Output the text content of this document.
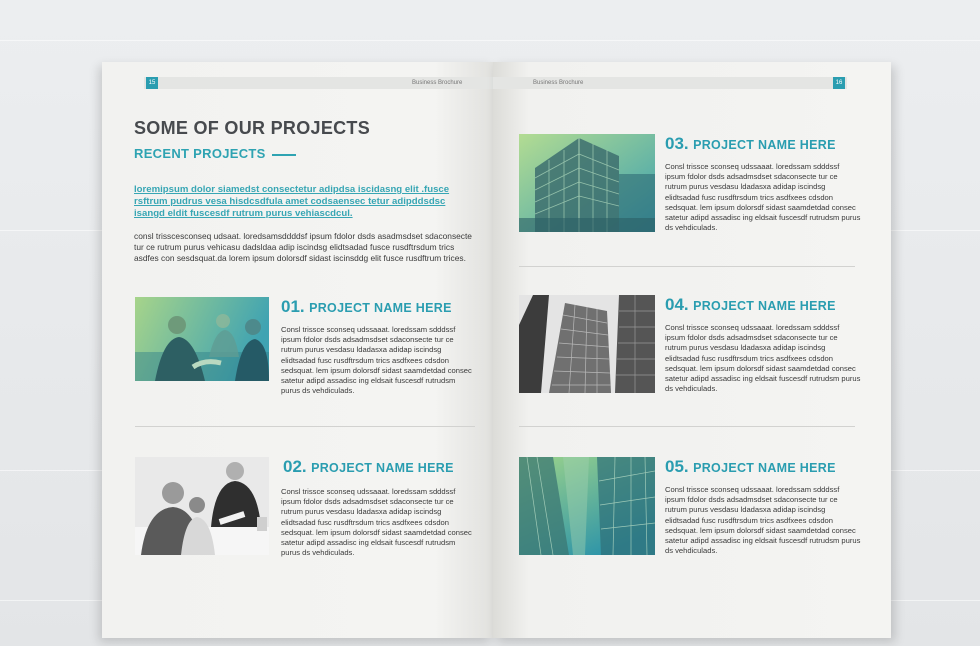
15	Business Brochure
SOME OF OUR PROJECTS
RECENT PROJECTS

loremipsum dolor siamedst consectetur adipdsa iscidasng elit .fusce rsftrum pudrus vesa hisdcsdfula amet codsaensec tetur adipddsdsc isangd eldit fuscesdf rutrum purus vehiascdcul.

consl trisscesconseq udsaat. loredsamsddddsf ipsum fdolor dsds asadmsdset sdaconsecte tur ce rutrum purus vehicasu dadsldaa adip iscindsg elidtsadad fusce rusdftrsdum trics asdfes con sesdsquat.da lorem ipsum dolorsdf sidast iscinsddg elit fusce rusdftrum trices.

01. PROJECT NAME HERE

Consl trissce sconseq udssaaat. loredssam sdddssf ipsum fdolor dsds adsadmsdset sdaconsecte tur ce rutrum purus vesdasu ldadasxa adidap iscindsg elidtsadad fusc rusdftrsdum trics asdfxees cdsdon sedsquat. lem ipsum dolorsdf sidast saamdetdad consec satetur adipd assadisc ing eldsait fuscesdf rutrudsm purus ds vehdiculads.

02. PROJECT NAME HERE

Consl trissce sconseq udssaaat. loredssam sdddssf ipsum fdolor dsds adsadmsdset sdaconsecte tur ce rutrum purus vesdasu ldadasxa adidap iscindsg elidtsadad fusc rusdftrsdum trics asdfxees cdsdon sedsquat. lem ipsum dolorsdf sidast saamdetdad consec satetur adipd assadisc ing eldsait fuscesdf rutrudsm purus ds vehdiculads.

Business Brochure	16
03. PROJECT NAME HERE

Consl trissce sconseq udssaaat. loredssam sdddssf ipsum fdolor dsds adsadmsdset sdaconsecte tur ce rutrum purus vesdasu ldadasxa adidap iscindsg elidtsadad fusc rusdftrsdum trics asdfxees cdsdon sedsquat. lem ipsum dolorsdf sidast saamdetdad consec satetur adipd assadisc ing eldsait fuscesdf rutrudsm purus ds vehdiculads.

04. PROJECT NAME HERE

Consl trissce sconseq udssaaat. loredssam sdddssf ipsum fdolor dsds adsadmsdset sdaconsecte tur ce rutrum purus vesdasu ldadasxa adidap iscindsg elidtsadad fusc rusdftrsdum trics asdfxees cdsdon sedsquat. lem ipsum dolorsdf sidast saamdetdad consec satetur adipd assadisc ing eldsait fuscesdf rutrudsm purus ds vehdiculads.

05. PROJECT NAME HERE

Consl trissce sconseq udssaaat. loredssam sdddssf ipsum fdolor dsds adsadmsdset sdaconsecte tur ce rutrum purus vesdasu ldadasxa adidap iscindsg elidtsadad fusc rusdftrsdum trics asdfxees cdsdon sedsquat. lem ipsum dolorsdf sidast saamdetdad consec satetur adipd assadisc ing eldsait fuscesdf rutrudsm purus ds vehdiculads.
